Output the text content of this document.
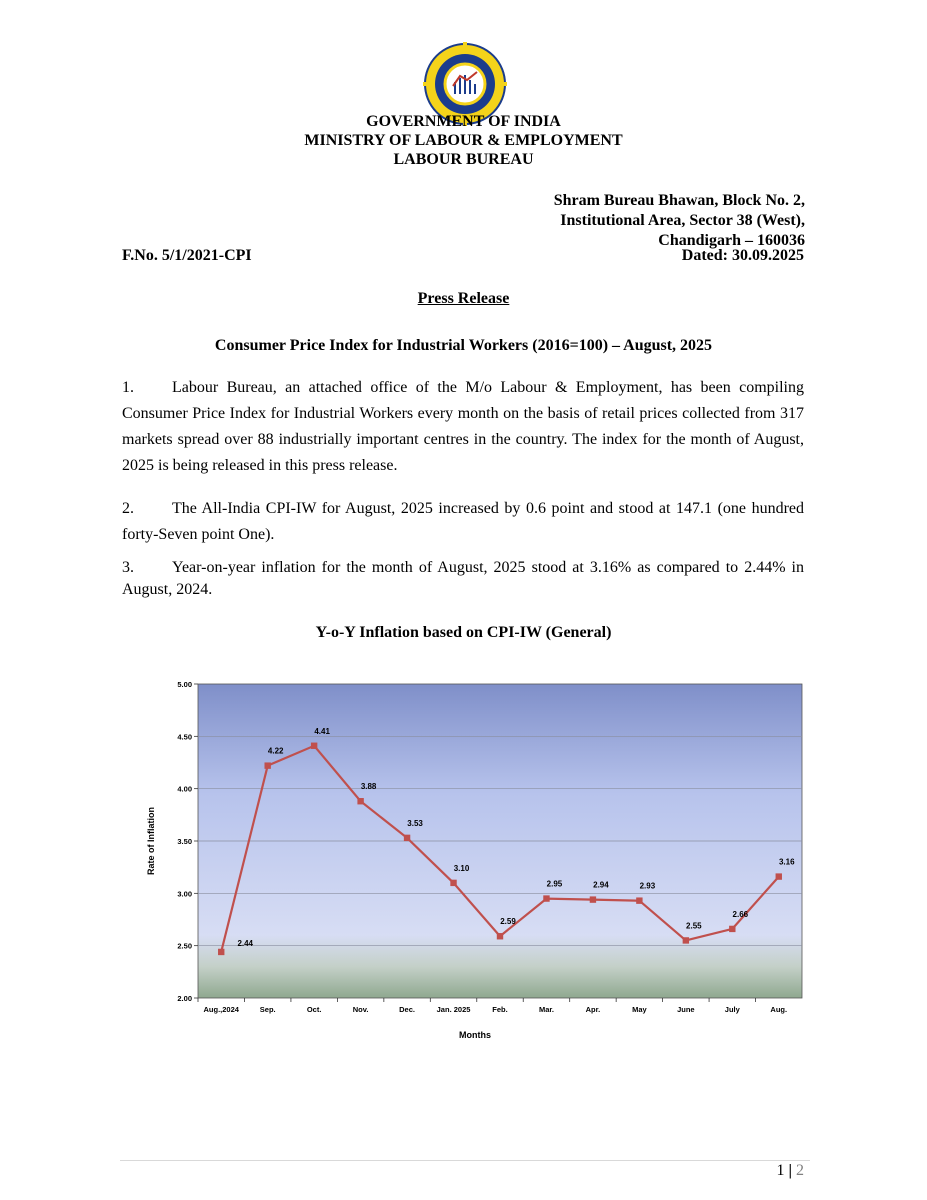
GOVERNMENT OF INDIA
MINISTRY OF LABOUR & EMPLOYMENT
LABOUR BUREAU
Shram Bureau Bhawan, Block No. 2,
Institutional Area, Sector 38 (West),
Chandigarh – 160036
F.No. 5/1/2021-CPI	Dated: 30.09.2025
Press Release
Consumer Price Index for Industrial Workers (2016=100) – August, 2025
1. Labour Bureau, an attached office of the M/o Labour & Employment, has been compiling Consumer Price Index for Industrial Workers every month on the basis of retail prices collected from 317 markets spread over 88 industrially important centres in the country. The index for the month of August, 2025 is being released in this press release.
2. The All-India CPI-IW for August, 2025 increased by 0.6 point and stood at 147.1 (one hundred forty-Seven point One).
3. Year-on-year inflation for the month of August, 2025 stood at 3.16% as compared to 2.44% in August, 2024.
Y-o-Y Inflation based on CPI-IW (General)
2.00
2.50
3.00
3.50
4.00
4.50
5.00
Aug.,2024	Sep.	Oct.	Nov.	Dec.	Jan. 2025	Feb.	Mar.	Apr.	May	June	July	Aug.
2.44
4.22
4.41
3.88
3.53
3.10
2.59
2.95	2.94	2.93
2.55
2.66
3.16
Rate of Inflation
Months
1 | 2
